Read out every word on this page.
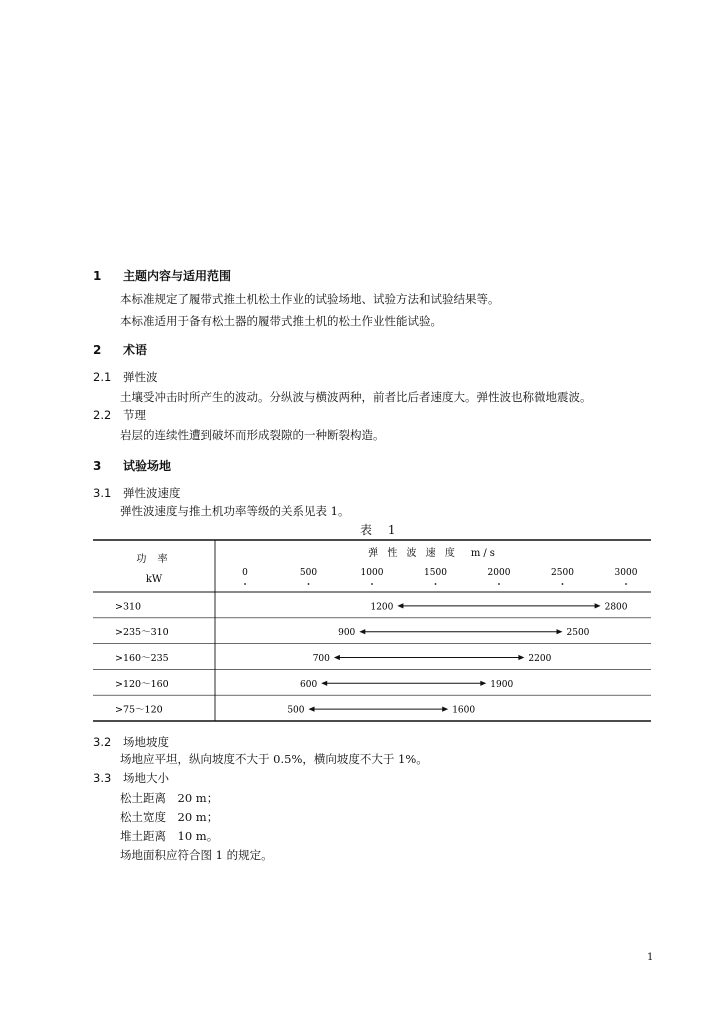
1 主题内容与适用范围
本标准规定了履带式推土机松土作业的试验场地、试验方法和试验结果等。
本标准适用于备有松土器的履带式推土机的松土作业性能试验。
2 术语
2.1 弹性波
土壤受冲击时所产生的波动。分纵波与横波两种，前者比后者速度大。弹性波也称微地震波。
2.2 节理
岩层的连续性遭到破坏而形成裂隙的一种断裂构造。
3 试验场地
3.1 弹性波速度
弹性波速度与推土机功率等级的关系见表 1。
表 1
功 率
kW
弹 性 波 速 度　m/s
0	500	1000	1500	2000	2500	3000
>310	1200	2800
>235～310	900	2500
>160～235	700	2200
>120～160	600	1900
>75～120	500	1600
3.2 场地坡度
场地应平坦，纵向坡度不大于 0.5%，横向坡度不大于 1%。
3.3 场地大小
松土距离　20 m；
松土宽度　20 m；
堆土距离　10 m。
场地面积应符合图 1 的规定。
1
